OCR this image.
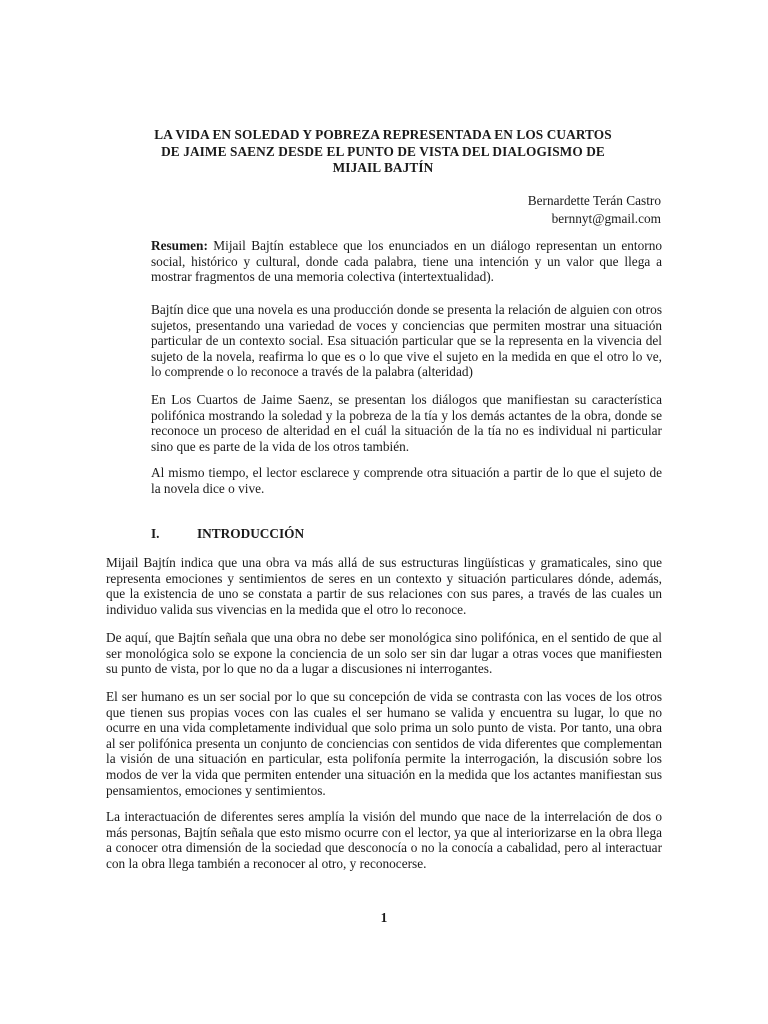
LA VIDA EN SOLEDAD Y POBREZA REPRESENTADA EN LOS CUARTOS DE JAIME SAENZ DESDE EL PUNTO DE VISTA DEL DIALOGISMO DE MIJAIL BAJTÍN
Bernardette Terán Castro
bernnyt@gmail.com

Resumen: Mijail Bajtín establece que los enunciados en un diálogo representan un entorno social, histórico y cultural, donde cada palabra, tiene una intención y un valor que llega a mostrar fragmentos de una memoria colectiva (intertextualidad).

Bajtín dice que una novela es una producción donde se presenta la relación de alguien con otros sujetos, presentando una variedad de voces y conciencias que permiten mostrar una situación particular de un contexto social. Esa situación particular que se la representa en la vivencia del sujeto de la novela, reafirma lo que es o lo que vive el sujeto en la medida en que el otro lo ve, lo comprende o lo reconoce a través de la palabra (alteridad)

En Los Cuartos de Jaime Saenz, se presentan los diálogos que manifiestan su característica polifónica mostrando la soledad y la pobreza de la tía y los demás actantes de la obra, donde se reconoce un proceso de alteridad en el cuál la situación de la tía no es individual ni particular sino que es parte de la vida de los otros también.

Al mismo tiempo, el lector esclarece y comprende otra situación a partir de lo que el sujeto de la novela dice o vive.

I.	INTRODUCCIÓN

Mijail Bajtín indica que una obra va más allá de sus estructuras lingüísticas y gramaticales, sino que representa emociones y sentimientos de seres en un contexto y situación particulares dónde, además, que la existencia de uno se constata a partir de sus relaciones con sus pares, a través de las cuales un individuo valida sus vivencias en la medida que el otro lo reconoce.

De aquí, que Bajtín señala que una obra no debe ser monológica sino polifónica, en el sentido de que al ser monológica solo se expone la conciencia de un solo ser sin dar lugar a otras voces que manifiesten su punto de vista, por lo que no da a lugar a discusiones ni interrogantes.

El ser humano es un ser social por lo que su concepción de vida se contrasta con las voces de los otros que tienen sus propias voces con las cuales el ser humano se valida y encuentra su lugar, lo que no ocurre en una vida completamente individual que solo prima un solo punto de vista. Por tanto, una obra al ser polifónica presenta un conjunto de conciencias con sentidos de vida diferentes que complementan la visión de una situación en particular, esta polifonía permite la interrogación, la discusión sobre los modos de ver la vida que permiten entender una situación en la medida que los actantes manifiestan sus pensamientos, emociones y sentimientos.

La interactuación de diferentes seres amplía la visión del mundo que nace de la interrelación de dos o más personas, Bajtín señala que esto mismo ocurre con el lector, ya que al interiorizarse en la obra llega a conocer otra dimensión de la sociedad que desconocía o no la conocía a cabalidad, pero al interactuar con la obra llega también a reconocer al otro, y reconocerse.

1
